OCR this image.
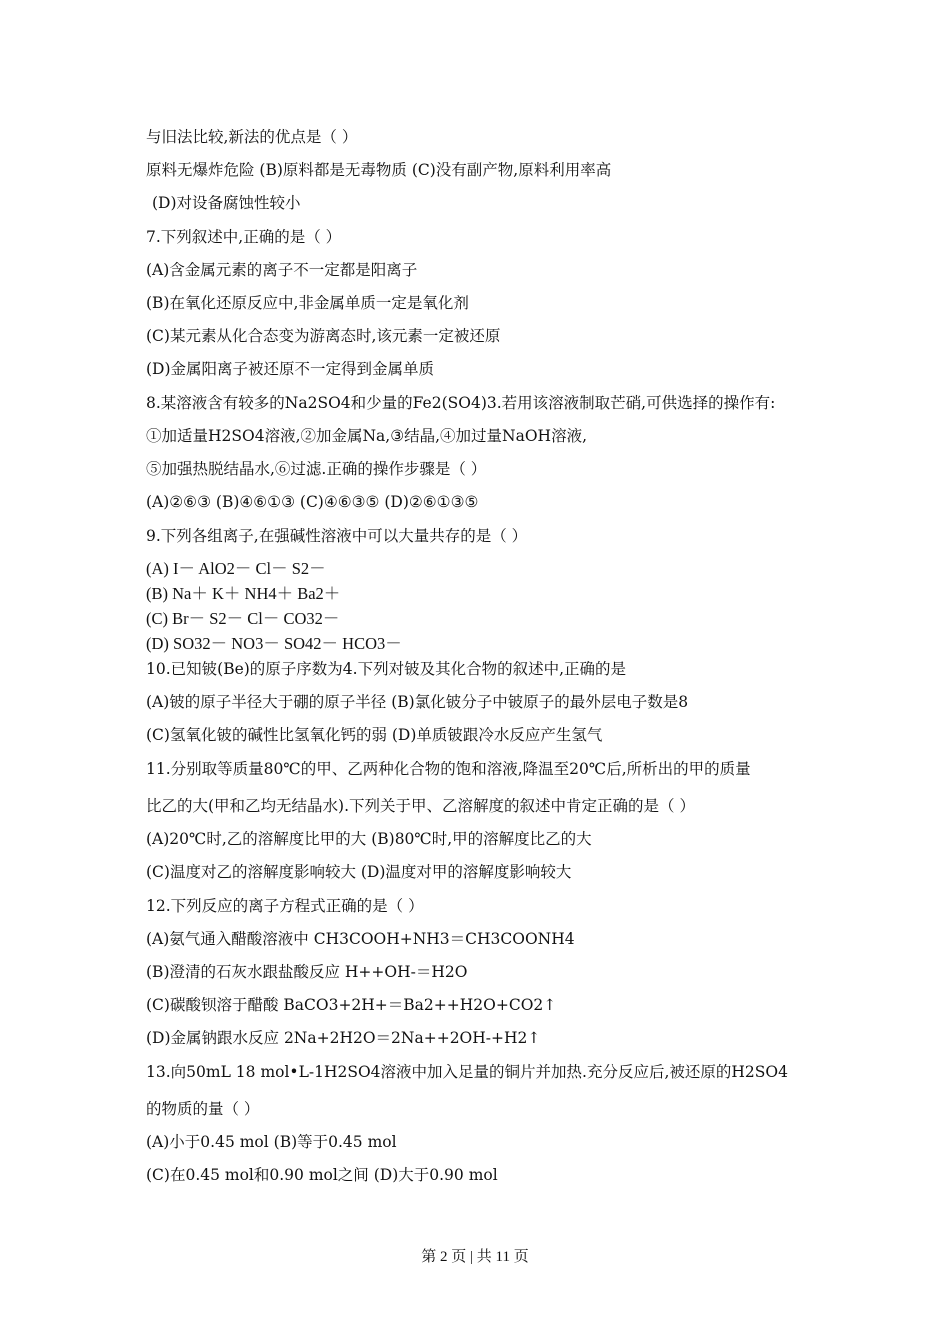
与旧法比较,新法的优点是（ ）
原料无爆炸危险 (B)原料都是无毒物质 (C)没有副产物,原料利用率高
(D)对设备腐蚀性较小
7.下列叙述中,正确的是（ ）
(A)含金属元素的离子不一定都是阳离子
(B)在氧化还原反应中,非金属单质一定是氧化剂
(C)某元素从化合态变为游离态时,该元素一定被还原
(D)金属阳离子被还原不一定得到金属单质
8.某溶液含有较多的Na2SO4和少量的Fe2(SO4)3.若用该溶液制取芒硝,可供选择的操作有:
①加适量H2SO4溶液,②加金属Na,③结晶,④加过量NaOH溶液,
⑤加强热脱结晶水,⑥过滤.正确的操作步骤是（ ）
(A)②⑥③ (B)④⑥①③ (C)④⑥③⑤ (D)②⑥①③⑤
9.下列各组离子,在强碱性溶液中可以大量共存的是（ ）
(A) I－ AlO2－ Cl－ S2－
(B) Na＋ K＋ NH4＋ Ba2＋
(C) Br－ S2－ Cl－ CO32－
(D) SO32－ NO3－ SO42－ HCO3－
10.已知铍(Be)的原子序数为4.下列对铍及其化合物的叙述中,正确的是
(A)铍的原子半径大于硼的原子半径 (B)氯化铍分子中铍原子的最外层电子数是8
(C)氢氧化铍的碱性比氢氧化钙的弱 (D)单质铍跟冷水反应产生氢气
11.分别取等质量80℃的甲、乙两种化合物的饱和溶液,降温至20℃后,所析出的甲的质量
比乙的大(甲和乙均无结晶水).下列关于甲、乙溶解度的叙述中肯定正确的是（ ）
(A)20℃时,乙的溶解度比甲的大 (B)80℃时,甲的溶解度比乙的大
(C)温度对乙的溶解度影响较大 (D)温度对甲的溶解度影响较大
12.下列反应的离子方程式正确的是（ ）
(A)氨气通入醋酸溶液中 CH3COOH+NH3＝CH3COONH4
(B)澄清的石灰水跟盐酸反应 H++OH-＝H2O
(C)碳酸钡溶于醋酸 BaCO3+2H+＝Ba2++H2O+CO2↑
(D)金属钠跟水反应 2Na+2H2O＝2Na++2OH-+H2↑
13.向50mL 18 mol•L-1H2SO4溶液中加入足量的铜片并加热.充分反应后,被还原的H2SO4
的物质的量（ ）
(A)小于0.45 mol (B)等于0.45 mol
(C)在0.45 mol和0.90 mol之间 (D)大于0.90 mol
第 2 页 | 共 11 页
